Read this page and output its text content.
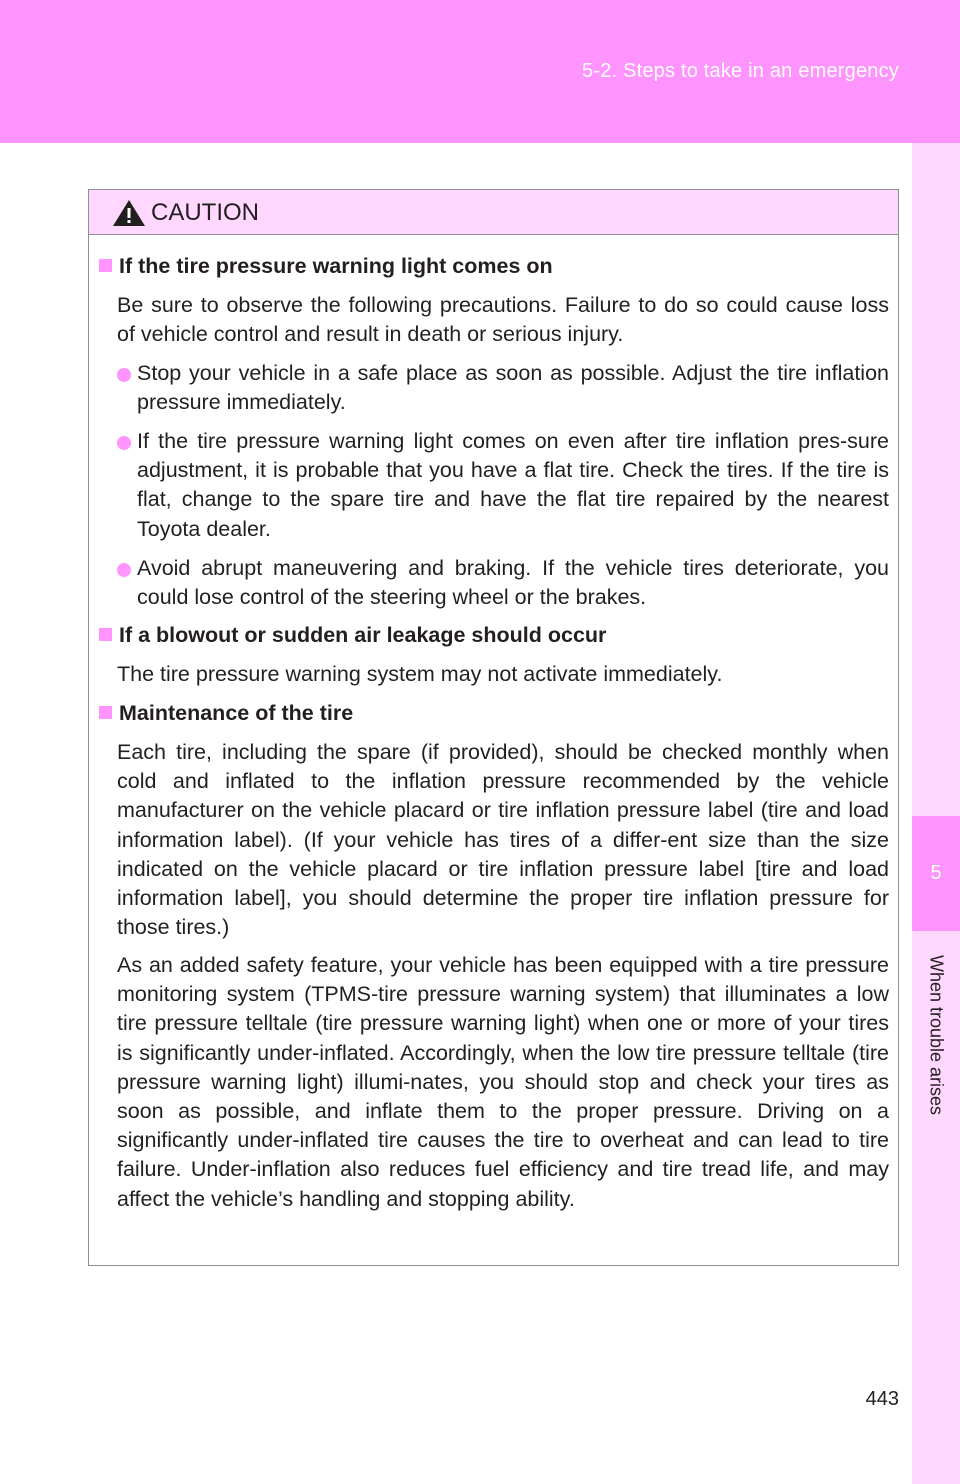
5-2. Steps to take in an emergency
5
When trouble arises
CAUTION
If the tire pressure warning light comes on
Be sure to observe the following precautions. Failure to do so could cause loss of vehicle control and result in death or serious injury.
Stop your vehicle in a safe place as soon as possible. Adjust the tire inflation pressure immediately.
If the tire pressure warning light comes on even after tire inflation pres-sure adjustment, it is probable that you have a flat tire. Check the tires. If the tire is flat, change to the spare tire and have the flat tire repaired by the nearest Toyota dealer.
Avoid abrupt maneuvering and braking. If the vehicle tires deteriorate, you could lose control of the steering wheel or the brakes.
If a blowout or sudden air leakage should occur
The tire pressure warning system may not activate immediately.
Maintenance of the tire
Each tire, including the spare (if provided), should be checked monthly when cold and inflated to the inflation pressure recommended by the vehicle manufacturer on the vehicle placard or tire inflation pressure label (tire and load information label). (If your vehicle has tires of a differ-ent size than the size indicated on the vehicle placard or tire inflation pressure label [tire and load information label], you should determine the proper tire inflation pressure for those tires.)
As an added safety feature, your vehicle has been equipped with a tire pressure monitoring system (TPMS-tire pressure warning system) that illuminates a low tire pressure telltale (tire pressure warning light) when one or more of your tires is significantly under-inflated. Accordingly, when the low tire pressure telltale (tire pressure warning light) illumi-nates, you should stop and check your tires as soon as possible, and inflate them to the proper pressure. Driving on a significantly under-inflated tire causes the tire to overheat and can lead to tire failure. Under-inflation also reduces fuel efficiency and tire tread life, and may affect the vehicle’s handling and stopping ability.
443
